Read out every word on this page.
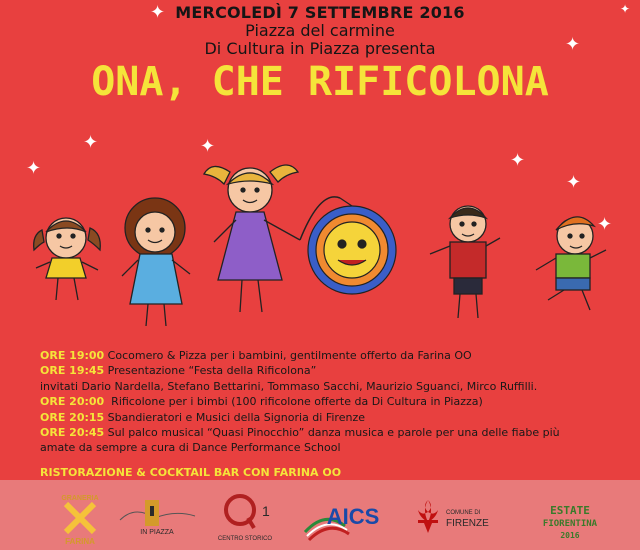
MERCOLEDÌ 7 SETTEMBRE 2016
Piazza del carmine
Di Cultura in Piazza presenta
ONA, CHE RIFICOLONA
✦
✦
✦	✦
✦
✦
✦
✦
✦
ORE 19:00 Cocomero & Pizza per i bambini, gentilmente offerto da Farina OO
ORE 19:45 Presentazione “Festa della Rificolona”
invitati Dario Nardella, Stefano Bettarini, Tommaso Sacchi, Maurizio Sguanci, Mirco Ruffilli.
ORE 20:00  Rificolone per i bimbi (100 rificolone offerte da Di Cultura in Piazza)
ORE 20:15 Sbandieratori e Musici della Signoria di Firenze
ORE 20:45 Sul palco musical “Quasi Pinocchio” danza musica e parole per una delle fiabe più
amate da sempre a cura di Dance Performance School
RISTORAZIONE & COCKTAIL BAR CON FARINA OO
GRANERIA
FARINA
IN PIAZZA
1
CENTRO STORICO
AICS	COMUNE DI
FIRENZE
ESTATE
FIORENTINA
2016
